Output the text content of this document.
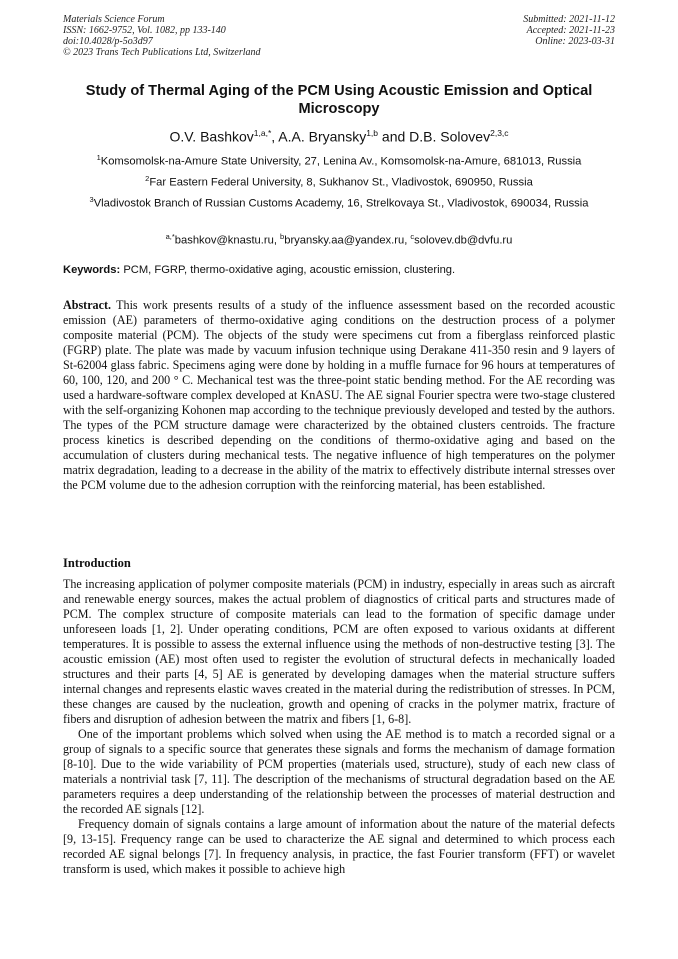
Materials Science Forum
ISSN: 1662-9752, Vol. 1082, pp 133-140
doi:10.4028/p-5o3d97
© 2023 Trans Tech Publications Ltd, Switzerland
Submitted: 2021-11-12
Accepted: 2021-11-23
Online: 2023-03-31
Study of Thermal Aging of the PCM Using Acoustic Emission and Optical Microscopy
O.V. Bashkov$^{1,a,*}$, A.A. Bryansky$^{1,b}$ and D.B. Solovev$^{2,3,c}$
$^1$Komsomolsk-na-Amure State University, 27, Lenina Av., Komsomolsk-na-Amure, 681013, Russia
$^2$Far Eastern Federal University, 8, Sukhanov St., Vladivostok, 690950, Russia
$^3$Vladivostok Branch of Russian Customs Academy, 16, Strelkovaya St., Vladivostok, 690034, Russia
$^{a,*}$bashkov@knastu.ru, $^b$bryansky.aa@yandex.ru, $^c$solovev.db@dvfu.ru
Keywords: PCM, FGRP, thermo-oxidative aging, acoustic emission, clustering.
Abstract. This work presents results of a study of the influence assessment based on the recorded acoustic emission (AE) parameters of thermo-oxidative aging conditions on the destruction process of a polymer composite material (PCM). The objects of the study were specimens cut from a fiberglass reinforced plastic (FGRP) plate. The plate was made by vacuum infusion technique using Derakane 411-350 resin and 9 layers of St-62004 glass fabric. Specimens aging were done by holding in a muffle furnace for 96 hours at temperatures of 60, 100, 120, and 200 ° C. Mechanical test was the three-point static bending method. For the AE recording was used a hardware-software complex developed at KnASU. The AE signal Fourier spectra were two-stage clustered with the self-organizing Kohonen map according to the technique previously developed and tested by the authors. The types of the PCM structure damage were characterized by the obtained clusters centroids. The fracture process kinetics is described depending on the conditions of thermo-oxidative aging and based on the accumulation of clusters during mechanical tests. The negative influence of high temperatures on the polymer matrix degradation, leading to a decrease in the ability of the matrix to effectively distribute internal stresses over the PCM volume due to the adhesion corruption with the reinforcing material, has been established.
Introduction

The increasing application of polymer composite materials (PCM) in industry, especially in areas such as aircraft and renewable energy sources, makes the actual problem of diagnostics of critical parts and structures made of PCM. The complex structure of composite materials can lead to the formation of specific damage under unforeseen loads [1, 2]. Under operating conditions, PCM are often exposed to various oxidants at different temperatures. It is possible to assess the external influence using the methods of non-destructive testing [3]. The acoustic emission (AE) most often used to register the evolution of structural defects in mechanically loaded structures and their parts [4, 5] AE is generated by developing damages when the material structure suffers internal changes and represents elastic waves created in the material during the redistribution of stresses. In PCM, these changes are caused by the nucleation, growth and opening of cracks in the polymer matrix, fracture of fibers and disruption of adhesion between the matrix and fibers [1, 6-8].

One of the important problems which solved when using the AE method is to match a recorded signal or a group of signals to a specific source that generates these signals and forms the mechanism of damage formation [8-10]. Due to the wide variability of PCM properties (materials used, structure), study of each new class of materials a nontrivial task [7, 11]. The description of the mechanisms of structural degradation based on the AE parameters requires a deep understanding of the relationship between the processes of material destruction and the recorded AE signals [12].

Frequency domain of signals contains a large amount of information about the nature of the material defects [9, 13-15]. Frequency range can be used to characterize the AE signal and determined to which process each recorded AE signal belongs [7]. In frequency analysis, in practice, the fast Fourier transform (FFT) or wavelet transform is used, which makes it possible to achieve high
